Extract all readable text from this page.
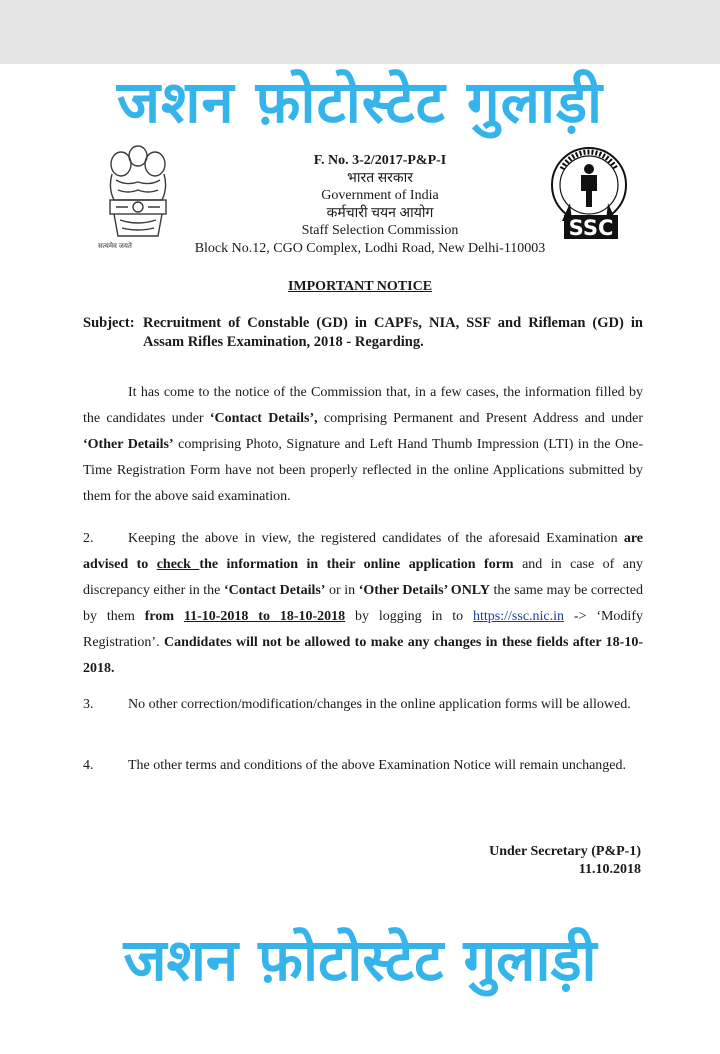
जशन फ़ोटोस्टेट गुलाड़ी
सत्यमेव जयते
SSC
F. No. 3-2/2017-P&P-I
भारत सरकार
Government of India
कर्मचारी चयन आयोग
Staff Selection Commission
Block No.12, CGO Complex, Lodhi Road, New Delhi-110003
IMPORTANT NOTICE
Subject: Recruitment of Constable (GD) in CAPFs, NIA, SSF and Rifleman (GD) in Assam Rifles Examination, 2018 - Regarding.
It has come to the notice of the Commission that, in a few cases, the information filled by the candidates under ‘Contact Details’, comprising Permanent and Present Address and under ‘Other Details’ comprising Photo, Signature and Left Hand Thumb Impression (LTI) in the One-Time Registration Form have not been properly reflected in the online Applications submitted by them for the above said examination.
2. Keeping the above in view, the registered candidates of the aforesaid Examination are advised to check the information in their online application form and in case of any discrepancy either in the ‘Contact Details’ or in ‘Other Details’ ONLY the same may be corrected by them from 11-10-2018 to 18-10-2018 by logging in to https://ssc.nic.in -> ‘Modify Registration’. Candidates will not be allowed to make any changes in these fields after 18-10-2018.
3. No other correction/modification/changes in the online application forms will be allowed.
4. The other terms and conditions of the above Examination Notice will remain unchanged.
Under Secretary (P&P-1)
11.10.2018
जशन फ़ोटोस्टेट गुलाड़ी
